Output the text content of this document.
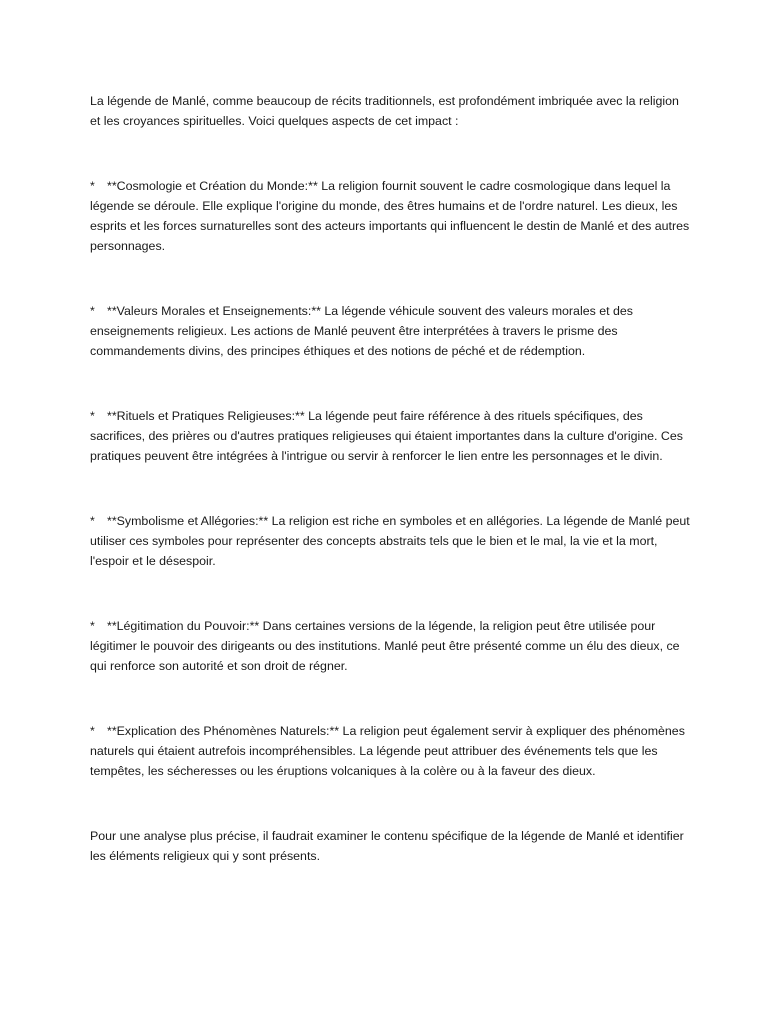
La légende de Manlé, comme beaucoup de récits traditionnels, est profondément imbriquée avec la religion et les croyances spirituelles. Voici quelques aspects de cet impact :

* **Cosmologie et Création du Monde:** La religion fournit souvent le cadre cosmologique dans lequel la légende se déroule. Elle explique l'origine du monde, des êtres humains et de l'ordre naturel. Les dieux, les esprits et les forces surnaturelles sont des acteurs importants qui influencent le destin de Manlé et des autres personnages.

* **Valeurs Morales et Enseignements:** La légende véhicule souvent des valeurs morales et des enseignements religieux. Les actions de Manlé peuvent être interprétées à travers le prisme des commandements divins, des principes éthiques et des notions de péché et de rédemption.

* **Rituels et Pratiques Religieuses:** La légende peut faire référence à des rituels spécifiques, des sacrifices, des prières ou d'autres pratiques religieuses qui étaient importantes dans la culture d'origine. Ces pratiques peuvent être intégrées à l'intrigue ou servir à renforcer le lien entre les personnages et le divin.

* **Symbolisme et Allégories:** La religion est riche en symboles et en allégories. La légende de Manlé peut utiliser ces symboles pour représenter des concepts abstraits tels que le bien et le mal, la vie et la mort, l'espoir et le désespoir.

* **Légitimation du Pouvoir:** Dans certaines versions de la légende, la religion peut être utilisée pour légitimer le pouvoir des dirigeants ou des institutions. Manlé peut être présenté comme un élu des dieux, ce qui renforce son autorité et son droit de régner.

* **Explication des Phénomènes Naturels:** La religion peut également servir à expliquer des phénomènes naturels qui étaient autrefois incompréhensibles. La légende peut attribuer des événements tels que les tempêtes, les sécheresses ou les éruptions volcaniques à la colère ou à la faveur des dieux.

Pour une analyse plus précise, il faudrait examiner le contenu spécifique de la légende de Manlé et identifier les éléments religieux qui y sont présents.
